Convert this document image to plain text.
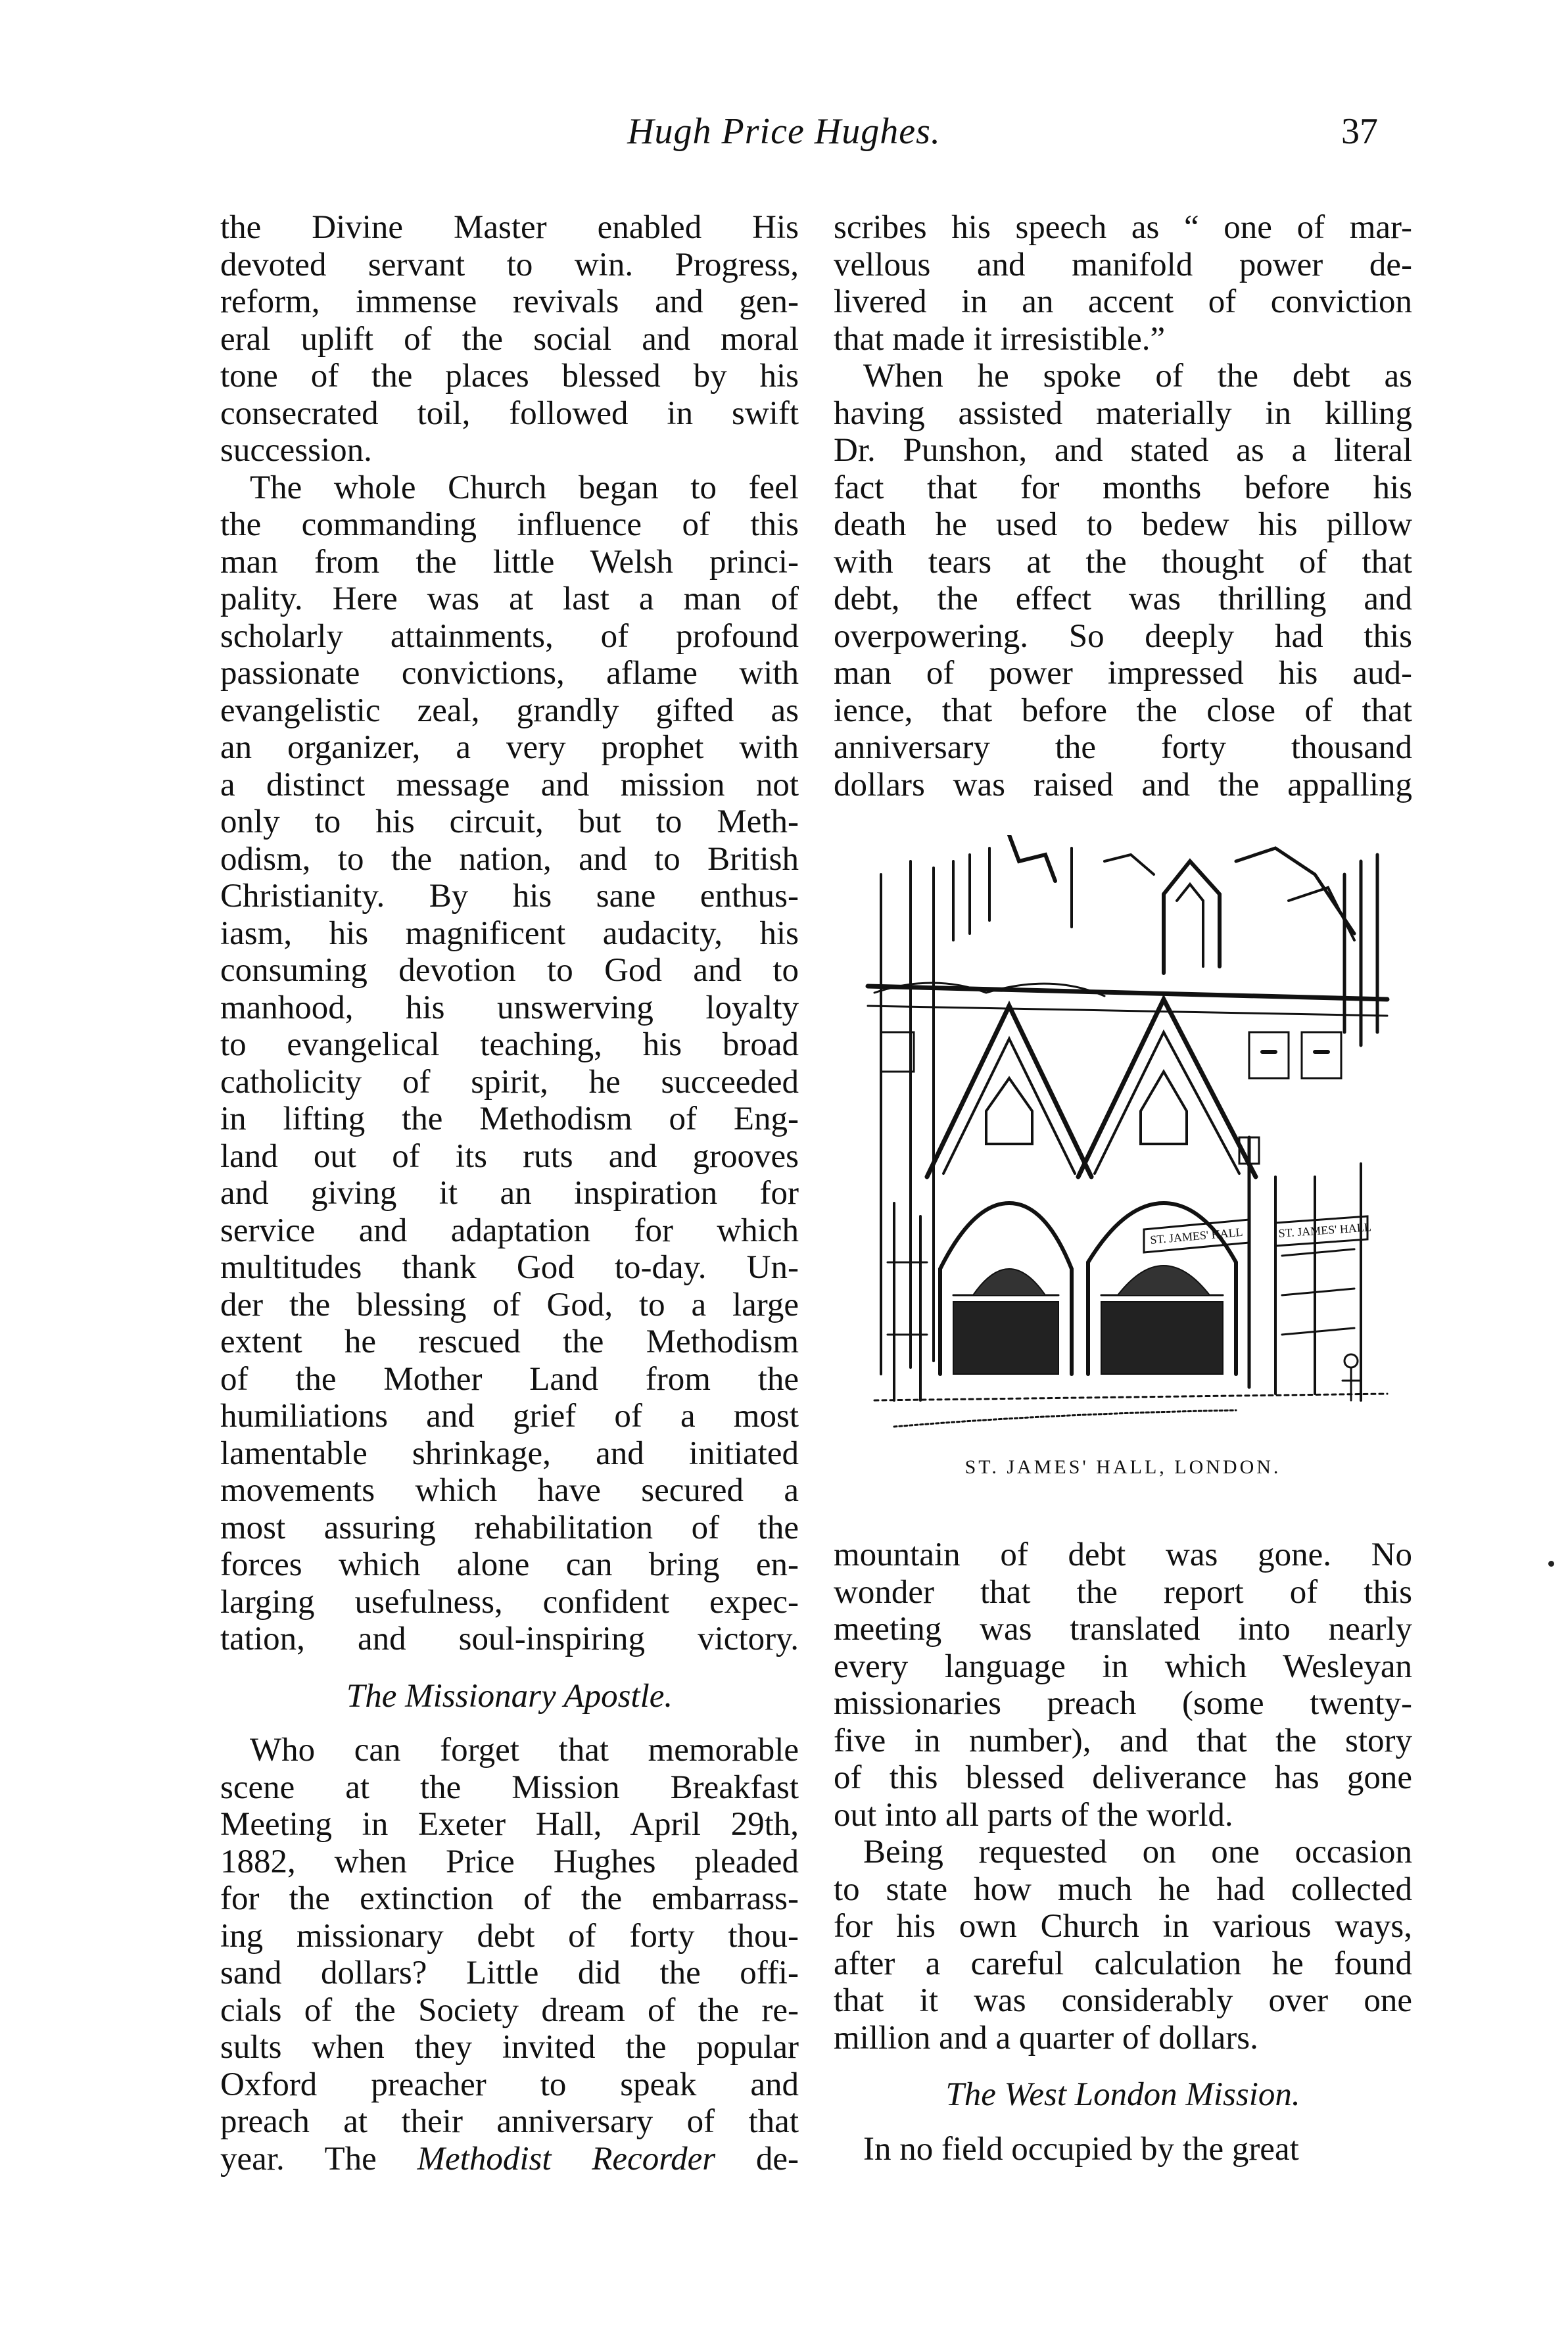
Hugh Price Hughes.	37
the Divine Master enabled His
devoted servant to win. Progress,
reform, immense revivals and gen-
eral uplift of the social and moral
tone of the places blessed by his
consecrated toil, followed in swift
succession.
The whole Church began to feel
the commanding influence of this
man from the little Welsh princi-
pality. Here was at last a man of
scholarly attainments, of profound
passionate convictions, aflame with
evangelistic zeal, grandly gifted as
an organizer, a very prophet with
a distinct message and mission not
only to his circuit, but to Meth-
odism, to the nation, and to British
Christianity. By his sane enthus-
iasm, his magnificent audacity, his
consuming devotion to God and to
manhood, his unswerving loyalty
to evangelical teaching, his broad
catholicity of spirit, he succeeded
in lifting the Methodism of Eng-
land out of its ruts and grooves
and giving it an inspiration for
service and adaptation for which
multitudes thank God to-day. Un-
der the blessing of God, to a large
extent he rescued the Methodism
of the Mother Land from the
humiliations and grief of a most
lamentable shrinkage, and initiated
movements which have secured a
most assuring rehabilitation of the
forces which alone can bring en-
larging usefulness, confident expec-
tation, and soul-inspiring victory.
The Missionary Apostle.
Who can forget that memorable
scene at the Mission Breakfast
Meeting in Exeter Hall, April 29th,
1882, when Price Hughes pleaded
for the extinction of the embarrass-
ing missionary debt of forty thou-
sand dollars? Little did the offi-
cials of the Society dream of the re-
sults when they invited the popular
Oxford preacher to speak and
preach at their anniversary of that
year. The Methodist Recorder de-
scribes his speech as “ one of mar-
vellous and manifold power de-
livered in an accent of conviction
that made it irresistible.”
When he spoke of the debt as
having assisted materially in killing
Dr. Punshon, and stated as a literal
fact that for months before his
death he used to bedew his pillow
with tears at the thought of that
debt, the effect was thrilling and
overpowering. So deeply had this
man of power impressed his aud-
ience, that before the close of that
anniversary the forty thousand
dollars was raised and the appalling
ST. JAMES' HALL	ST. JAMES' HALL
ST. JAMES' HALL, LONDON.
mountain of debt was gone. No
wonder that the report of this
meeting was translated into nearly
every language in which Wesleyan
missionaries preach (some twenty-
five in number), and that the story
of this blessed deliverance has gone
out into all parts of the world.
Being requested on one occasion
to state how much he had collected
for his own Church in various ways,
after a careful calculation he found
that it was considerably over one
million and a quarter of dollars.
The West London Mission.
In no field occupied by the great
